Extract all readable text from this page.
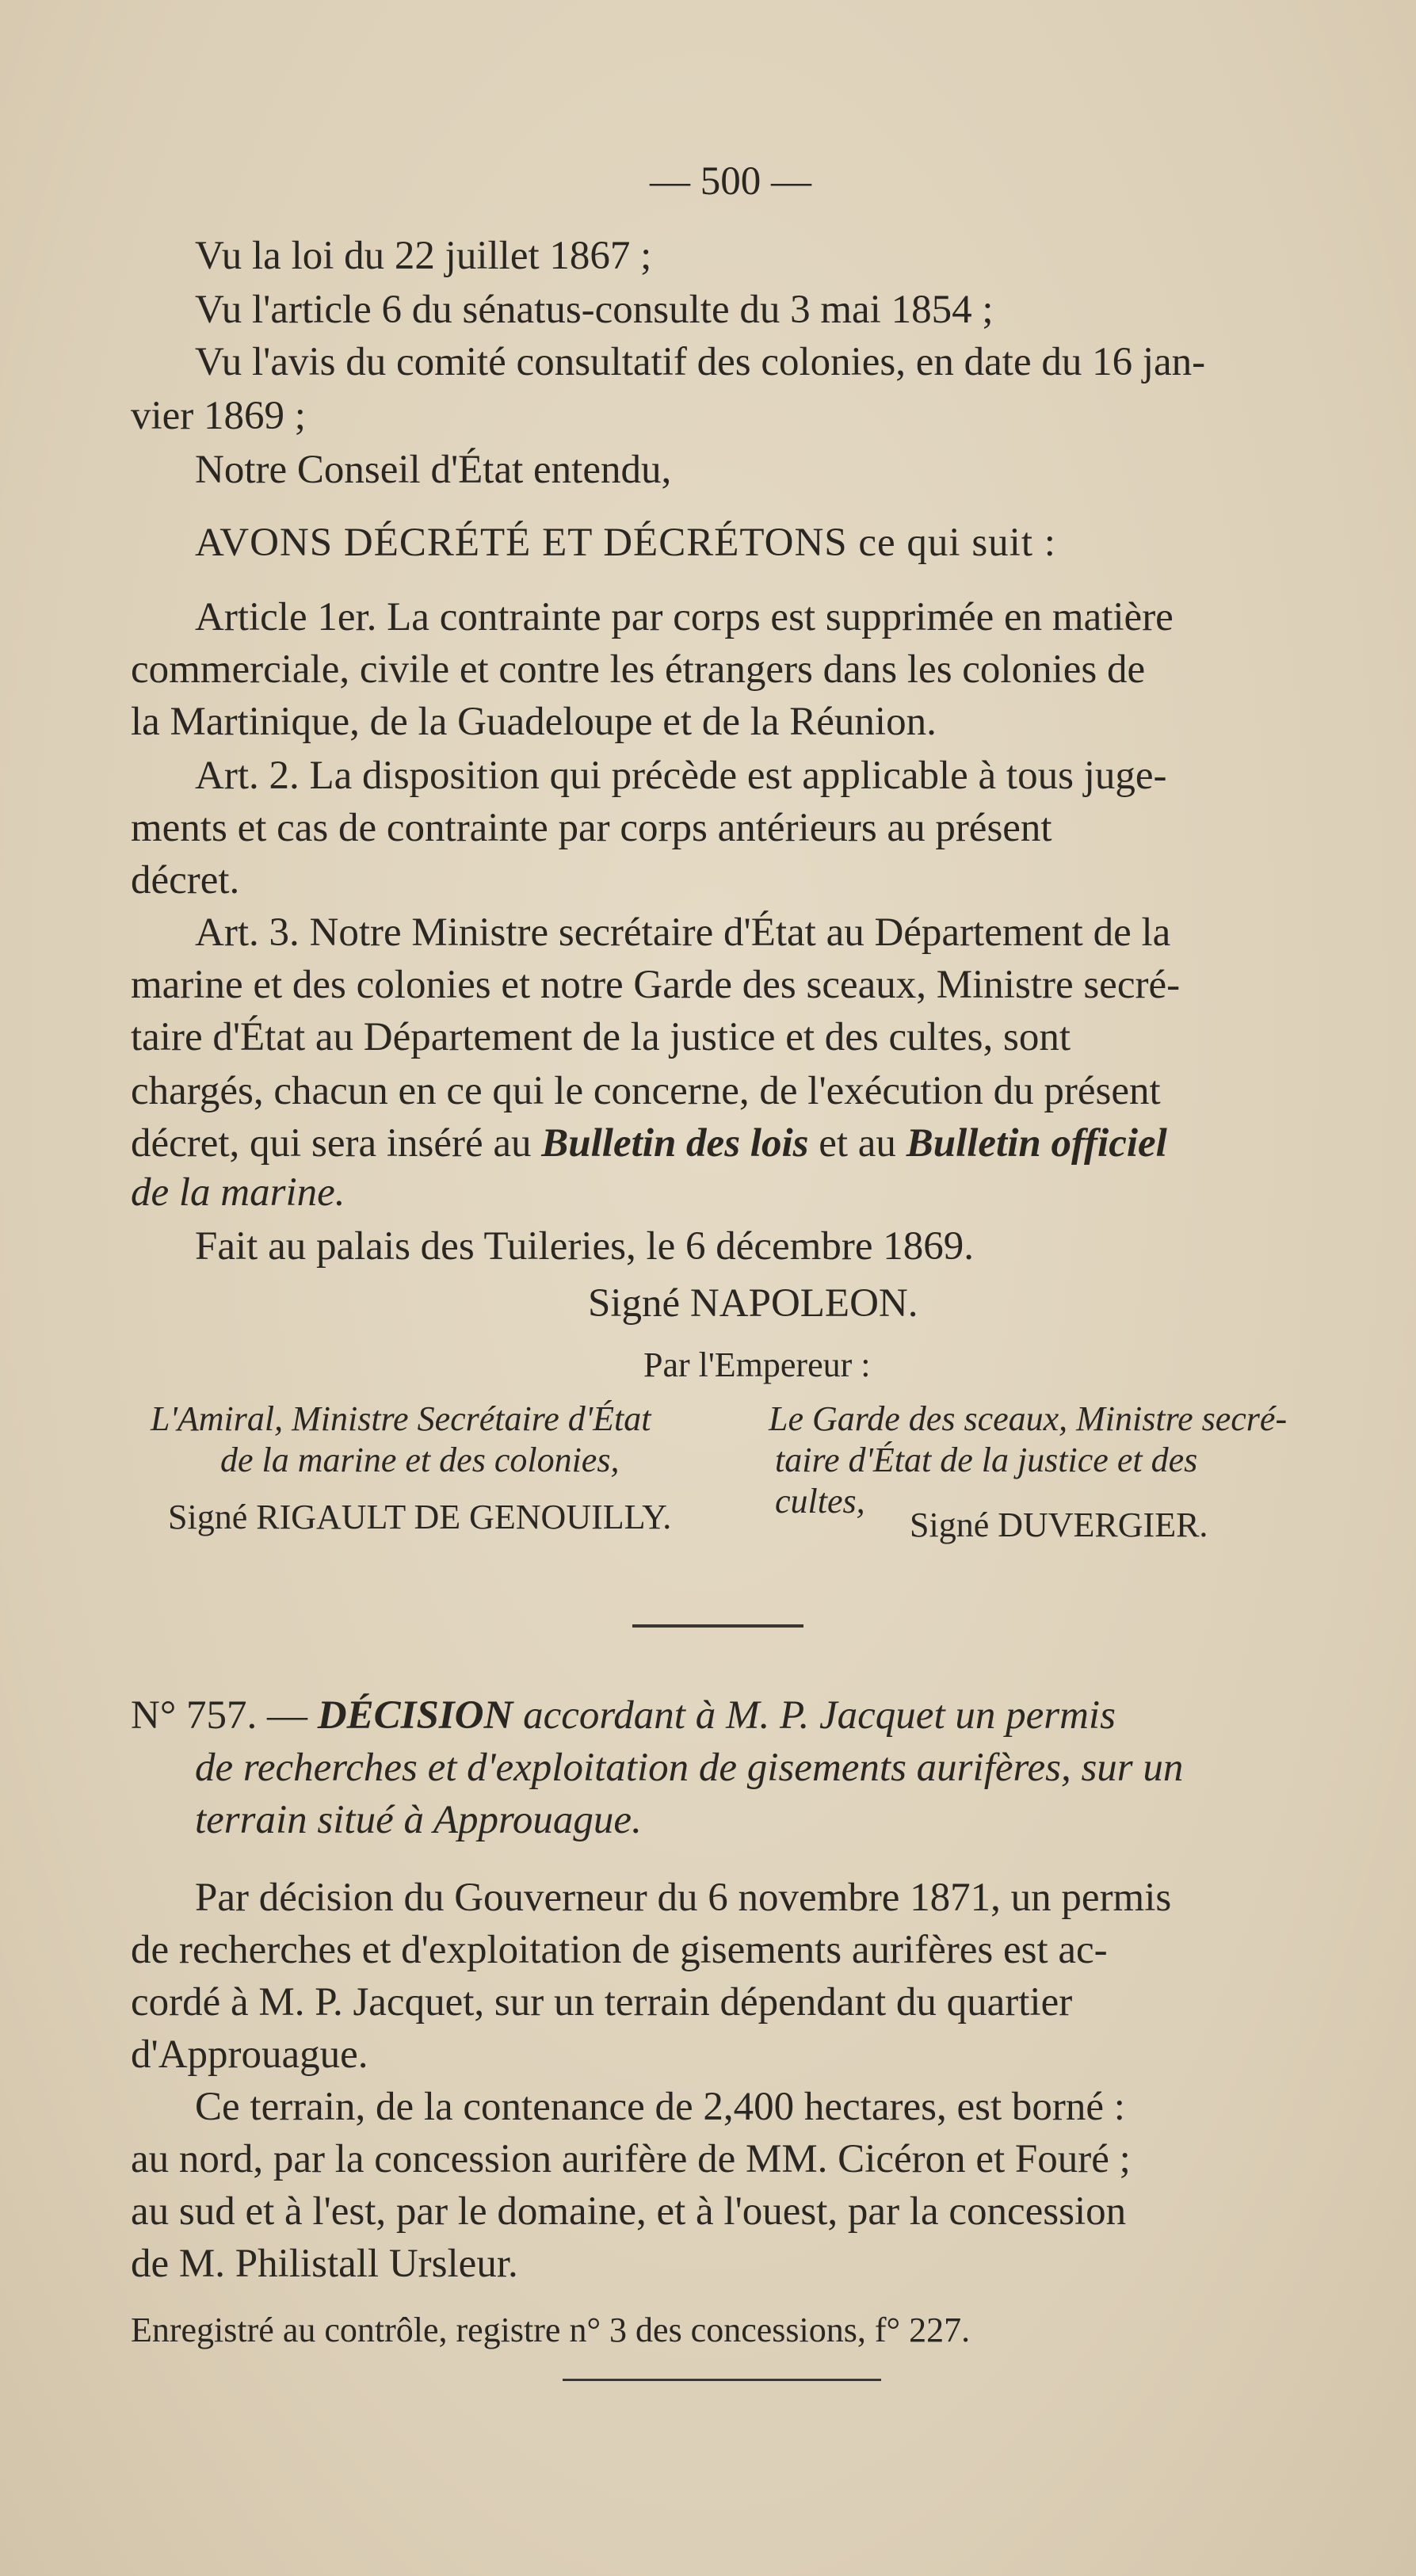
— 500 —
Vu la loi du 22 juillet 1867 ;
Vu l'article 6 du sénatus-consulte du 3 mai 1854 ;
Vu l'avis du comité consultatif des colonies, en date du 16 jan-
vier 1869 ;
Notre Conseil d'État entendu,
AVONS DÉCRÉTÉ ET DÉCRÉTONS ce qui suit :
Article 1er. La contrainte par corps est supprimée en matière
commerciale, civile et contre les étrangers dans les colonies de
la Martinique, de la Guadeloupe et de la Réunion.
Art. 2. La disposition qui précède est applicable à tous juge-
ments et cas de contrainte par corps antérieurs au présent
décret.
Art. 3. Notre Ministre secrétaire d'État au Département de la
marine et des colonies et notre Garde des sceaux, Ministre secré-
taire d'État au Département de la justice et des cultes, sont
chargés, chacun en ce qui le concerne, de l'exécution du présent
décret, qui sera inséré au Bulletin des lois et au Bulletin officiel
de la marine.
Fait au palais des Tuileries, le 6 décembre 1869.
Signé NAPOLEON.
Par l'Empereur :
L'Amiral, Ministre Secrétaire d'État
de la marine et des colonies,
Signé RIGAULT DE GENOUILLY.
Le Garde des sceaux, Ministre secré-
taire d'État de la justice et des
cultes,
Signé DUVERGIER.
N° 757. — DÉCISION accordant à M. P. Jacquet un permis
de recherches et d'exploitation de gisements aurifères, sur un
terrain situé à Approuague.
Par décision du Gouverneur du 6 novembre 1871, un permis
de recherches et d'exploitation de gisements aurifères est ac-
cordé à M. P. Jacquet, sur un terrain dépendant du quartier
d'Approuague.
Ce terrain, de la contenance de 2,400 hectares, est borné :
au nord, par la concession aurifère de MM. Cicéron et Fouré ;
au sud et à l'est, par le domaine, et à l'ouest, par la concession
de M. Philistall Ursleur.
Enregistré au contrôle, registre n° 3 des concessions, f° 227.
